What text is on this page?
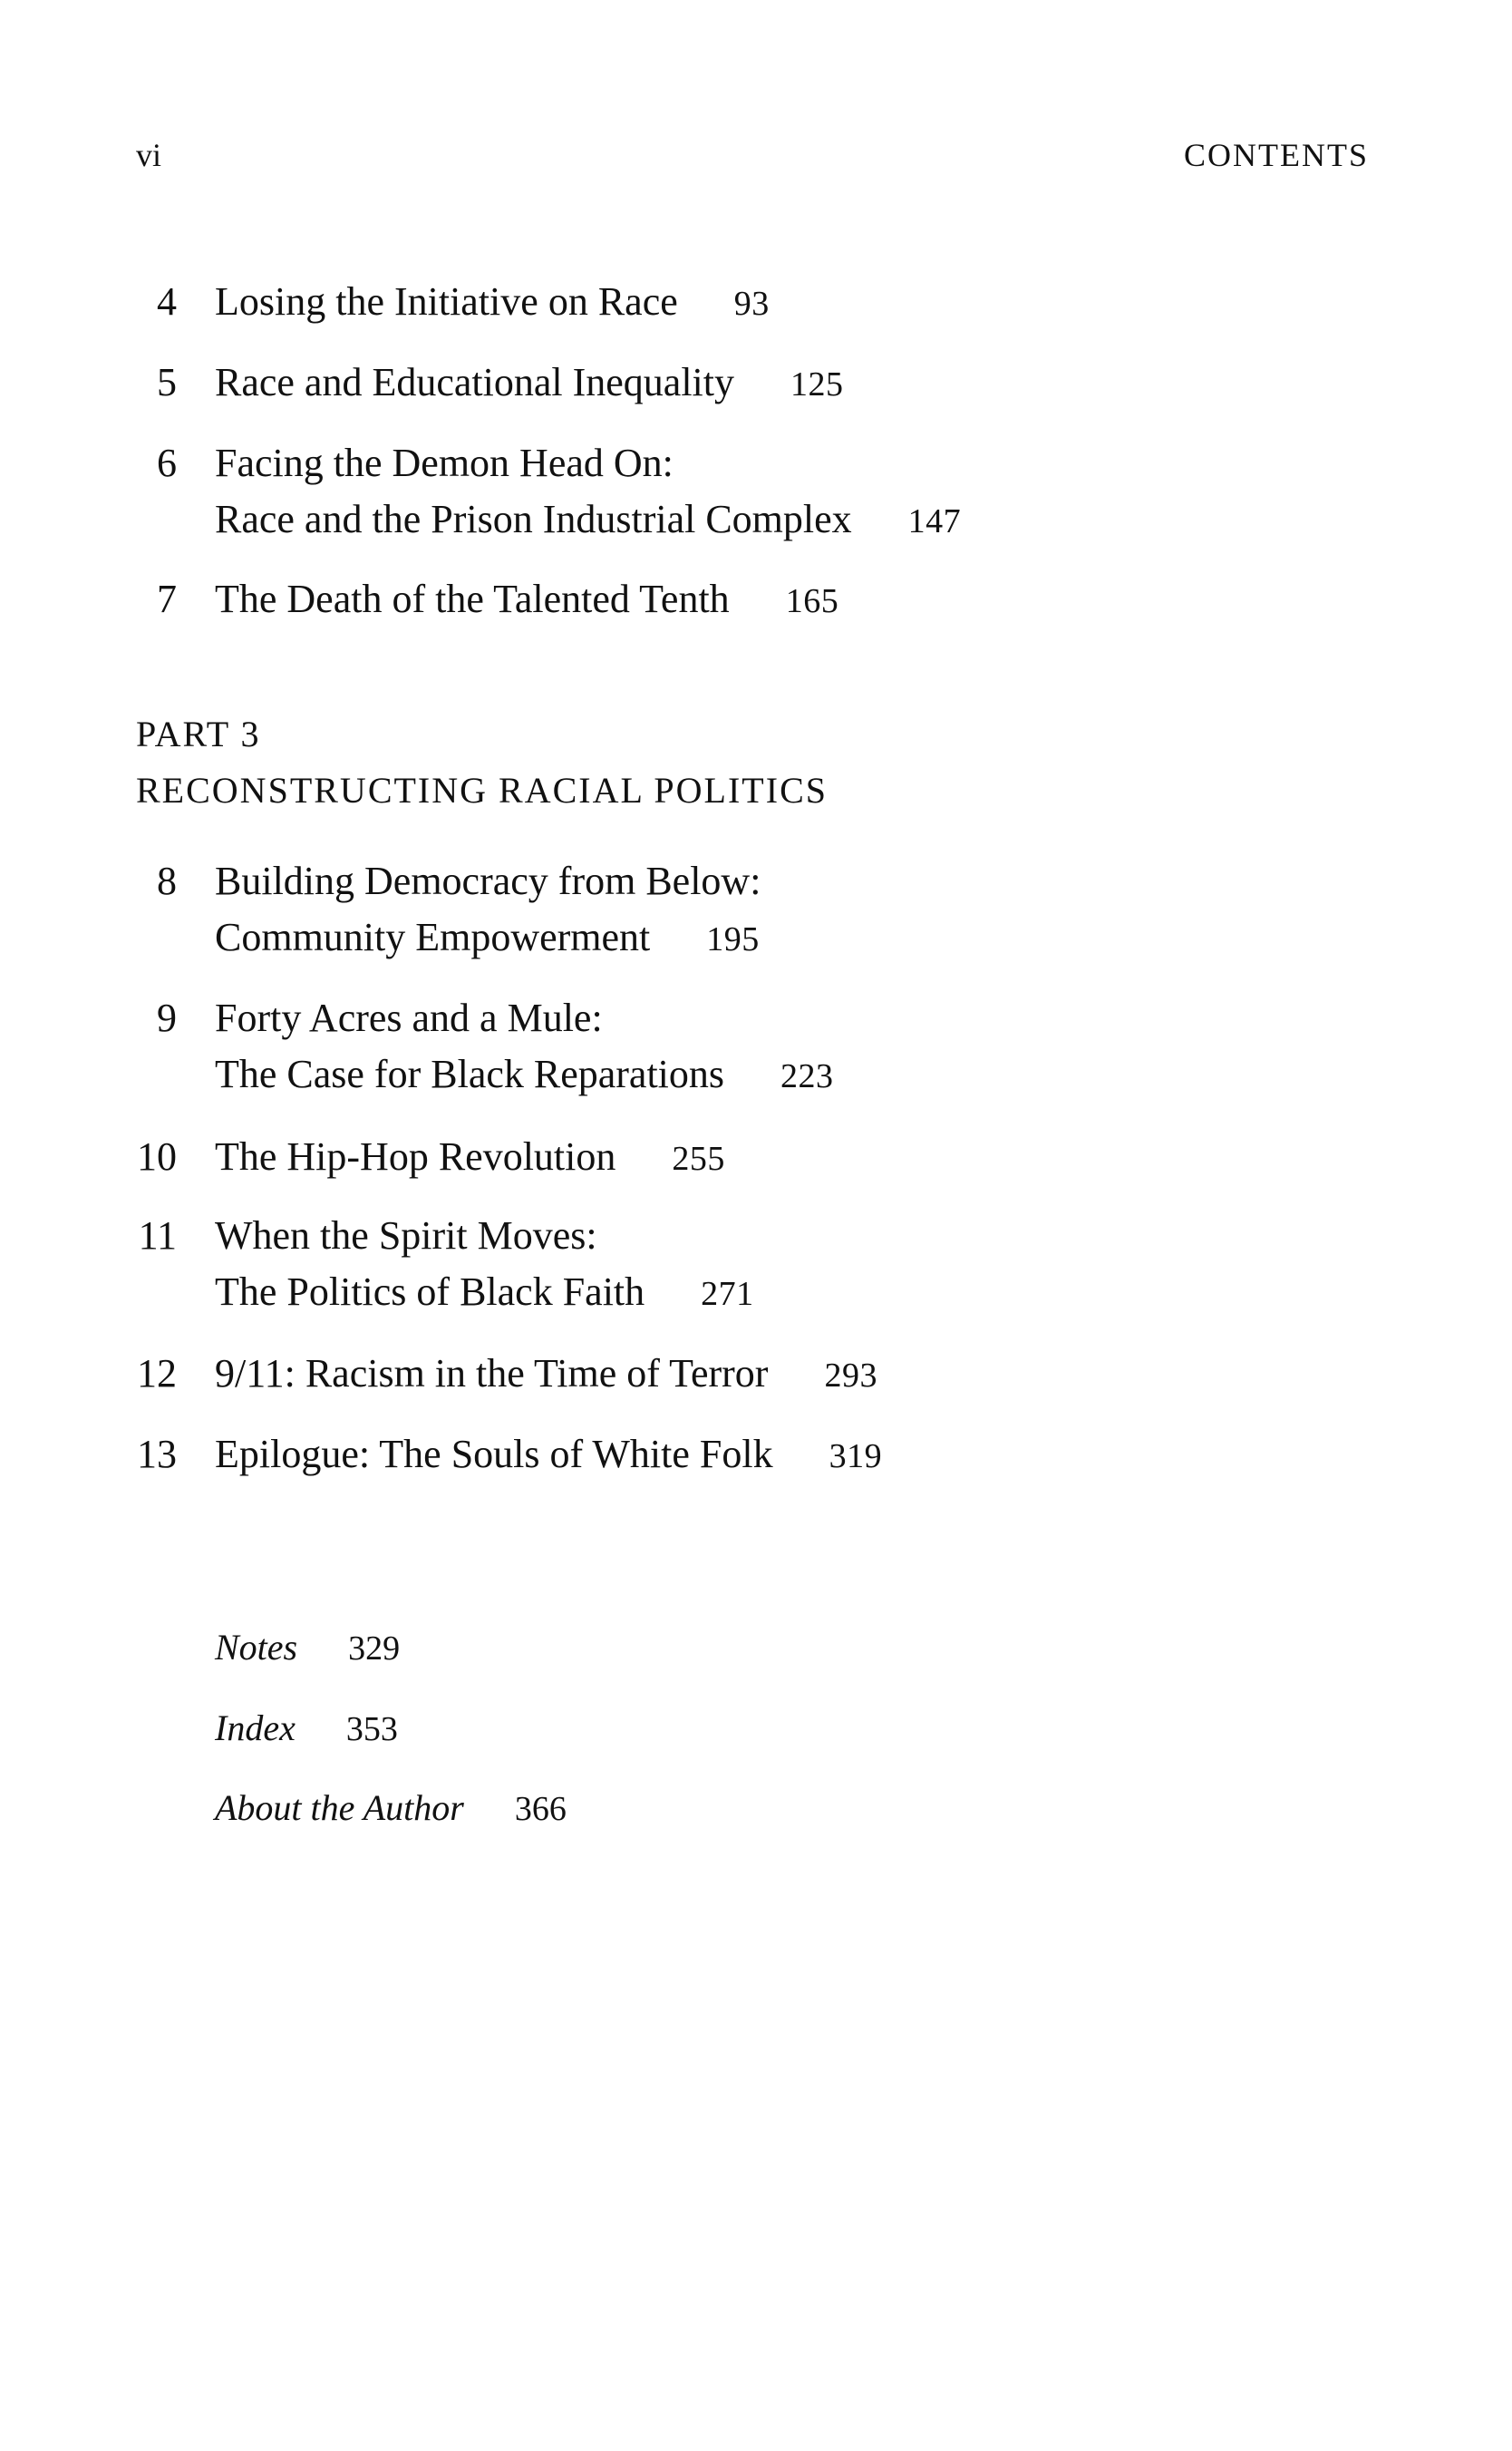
vi	CONTENTS
4 Losing the Initiative on Race 93
5 Race and Educational Inequality 125
6 Facing the Demon Head On:
Race and the Prison Industrial Complex 147
7 The Death of the Talented Tenth 165
PART 3
RECONSTRUCTING RACIAL POLITICS
8 Building Democracy from Below:
Community Empowerment 195
9 Forty Acres and a Mule:
The Case for Black Reparations 223
10 The Hip-Hop Revolution 255
11 When the Spirit Moves:
The Politics of Black Faith 271
12 9/11: Racism in the Time of Terror 293
13 Epilogue: The Souls of White Folk 319
Notes 329
Index 353
About the Author 366
